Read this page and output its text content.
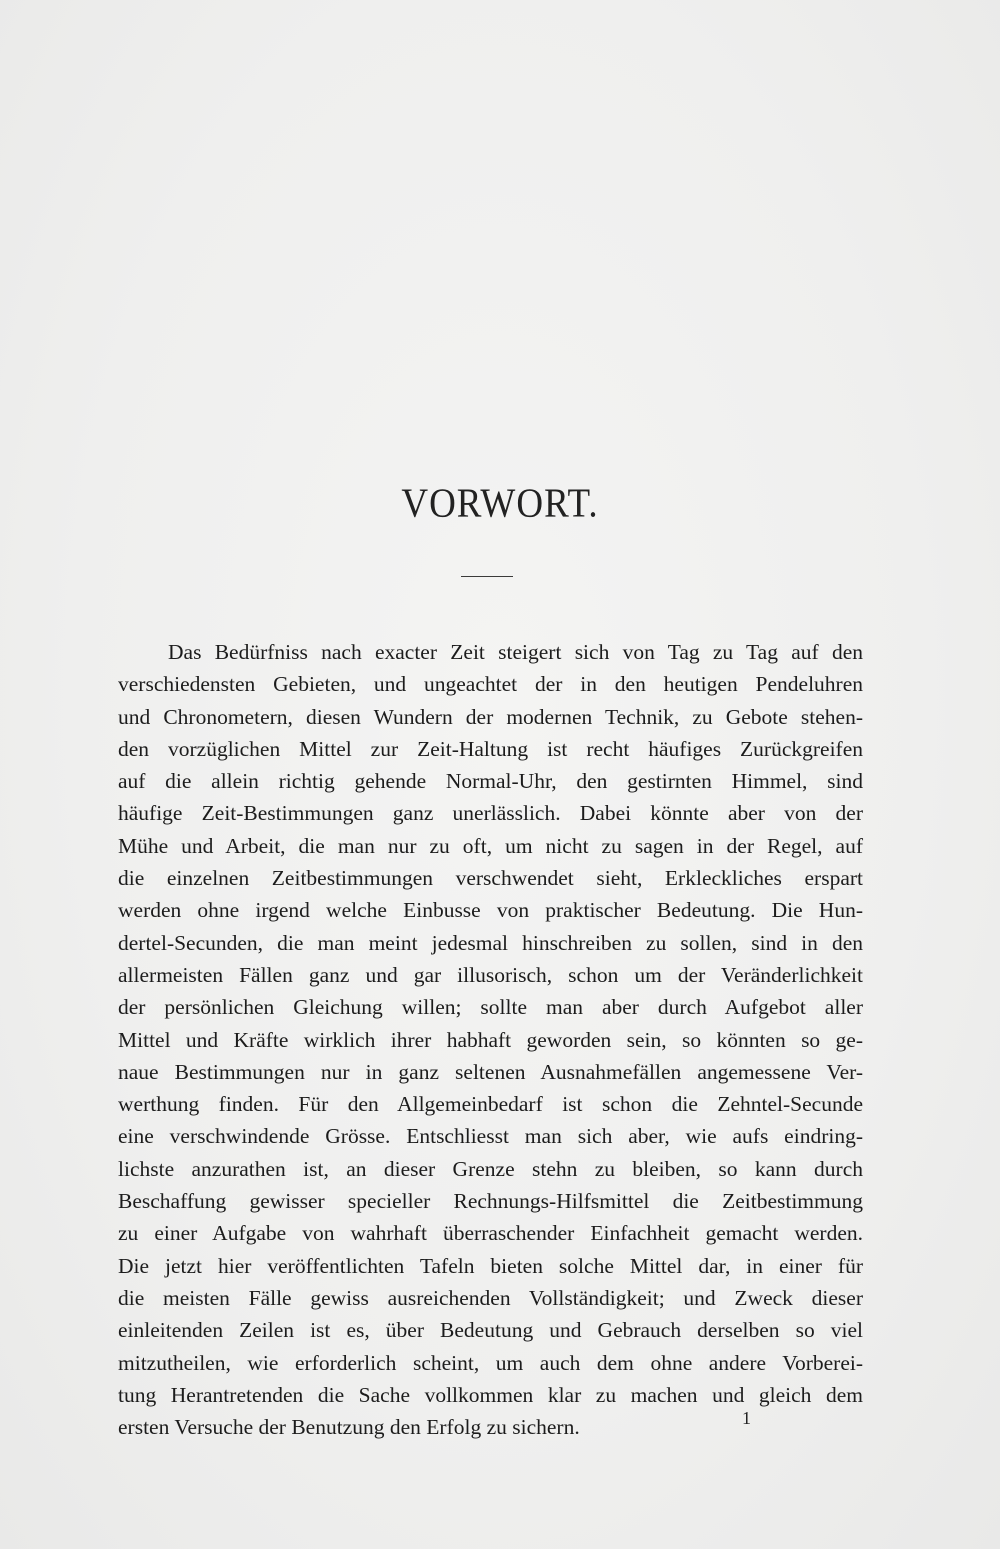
VORWORT.
Das Bedürfniss nach exacter Zeit steigert sich von Tag zu Tag auf den
verschiedensten Gebieten, und ungeachtet der in den heutigen Pendeluhren
und Chronometern, diesen Wundern der modernen Technik, zu Gebote stehen-
den vorzüglichen Mittel zur Zeit-Haltung ist recht häufiges Zurückgreifen
auf die allein richtig gehende Normal-Uhr, den gestirnten Himmel, sind
häufige Zeit-Bestimmungen ganz unerlässlich. Dabei könnte aber von der
Mühe und Arbeit, die man nur zu oft, um nicht zu sagen in der Regel, auf
die einzelnen Zeitbestimmungen verschwendet sieht, Erkleckliches erspart
werden ohne irgend welche Einbusse von praktischer Bedeutung. Die Hun-
dertel-Secunden, die man meint jedesmal hinschreiben zu sollen, sind in den
allermeisten Fällen ganz und gar illusorisch, schon um der Veränderlichkeit
der persönlichen Gleichung willen; sollte man aber durch Aufgebot aller
Mittel und Kräfte wirklich ihrer habhaft geworden sein, so könnten so ge-
naue Bestimmungen nur in ganz seltenen Ausnahmefällen angemessene Ver-
werthung finden. Für den Allgemeinbedarf ist schon die Zehntel-Secunde
eine verschwindende Grösse. Entschliesst man sich aber, wie aufs eindring-
lichste anzurathen ist, an dieser Grenze stehn zu bleiben, so kann durch
Beschaffung gewisser specieller Rechnungs-Hilfsmittel die Zeitbestimmung
zu einer Aufgabe von wahrhaft überraschender Einfachheit gemacht werden.
Die jetzt hier veröffentlichten Tafeln bieten solche Mittel dar, in einer für
die meisten Fälle gewiss ausreichenden Vollständigkeit; und Zweck dieser
einleitenden Zeilen ist es, über Bedeutung und Gebrauch derselben so viel
mitzutheilen, wie erforderlich scheint, um auch dem ohne andere Vorberei-
tung Herantretenden die Sache vollkommen klar zu machen und gleich dem
ersten Versuche der Benutzung den Erfolg zu sichern.	1
